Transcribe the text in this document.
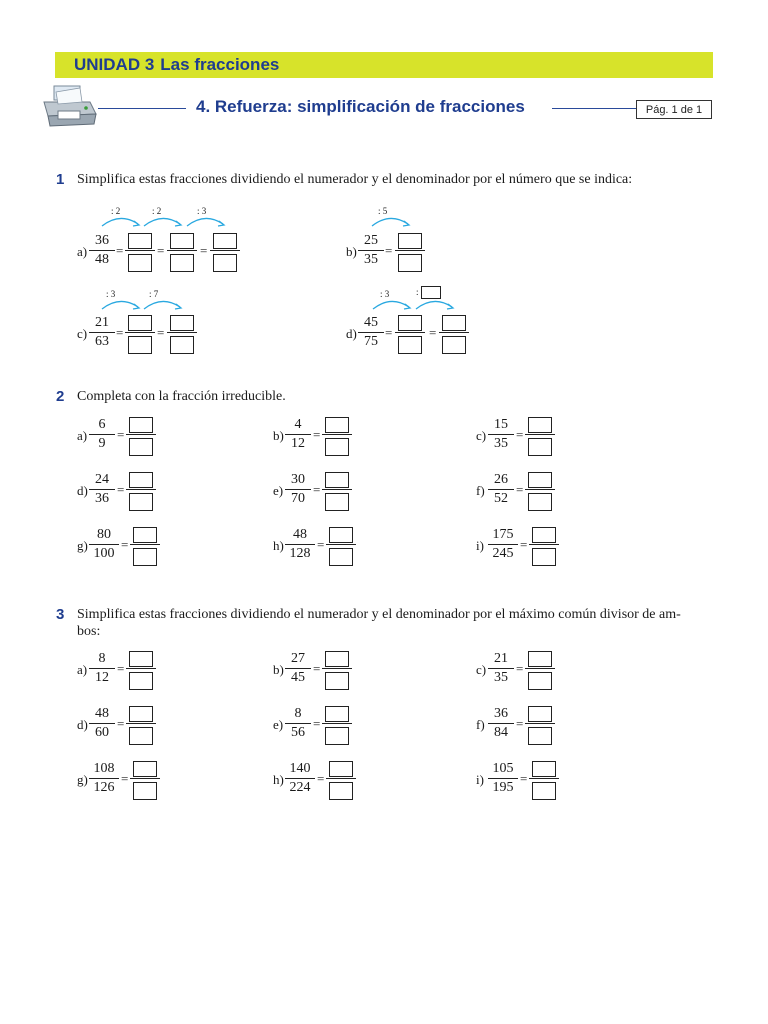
UNIDAD 3 Las fracciones
4. Refuerza: simplificación de fracciones	Pág. 1 de 1
1 Simplifica estas fracciones dividiendo el numerador y el denominador por el número que se indica:
: 2	: 2	: 3
$a) \frac{36}{48}$ =	=	=
: 5
$b) \frac{25}{35}$ =
: 3	: 7
$c) \frac{21}{63}$ =	=
: 3	:
$d) \frac{45}{75}$ =	=
2 Completa con la fracción irreducible.
$a) \frac{6}{9}$ =	$b) \frac{4}{12}$ =	$c) \frac{15}{35}$ =
$d) \frac{24}{36}$ =	$e) \frac{30}{70}$ =	$f) \frac{26}{52}$ =
$g) \frac{80}{100}$ =	$h) \frac{48}{128}$ =	$i) \frac{175}{245}$ =
3 Simplifica estas fracciones dividiendo el numerador y el denominador por el máximo común divisor de am-
bos:
$a) \frac{8}{12}$ =	$b) \frac{27}{45}$ =	$c) \frac{21}{35}$ =
$d) \frac{48}{60}$ =	$e) \frac{8}{56}$ =	$f) \frac{36}{84}$ =
$g) \frac{108}{126}$ =	$h) \frac{140}{224}$ =	$i) \frac{105}{195}$ =
